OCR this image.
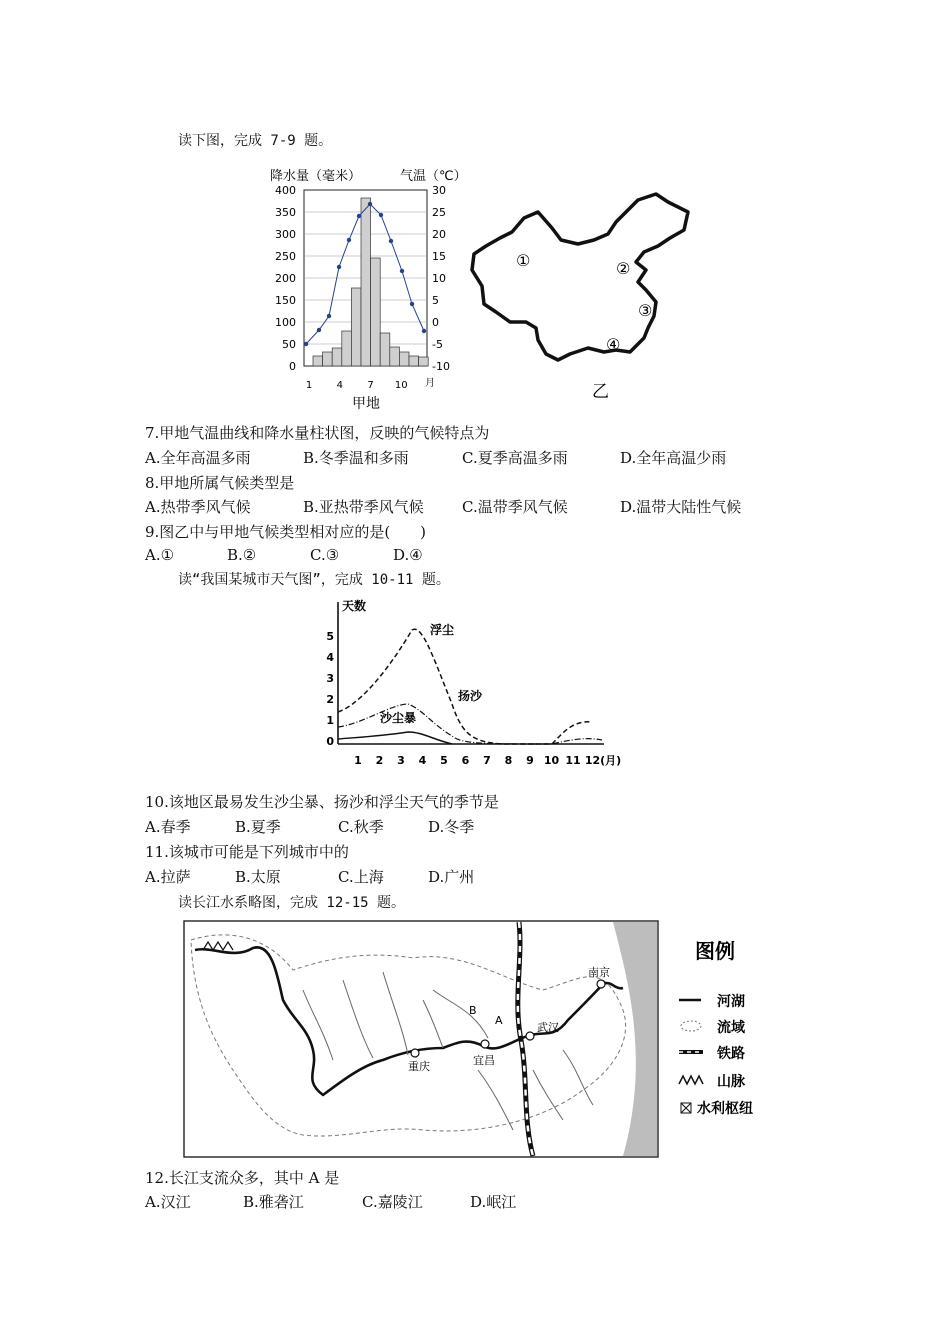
读下图，完成 7-9 题。
降水量（毫米）	气温（℃）
400
350
300
250
200
150
100
50
0
30
25
20
15
10
5
0
-5
-10
1 4 7 10 月
甲地
①	②
③
④
乙
7.甲地气温曲线和降水量柱状图，反映的气候特点为
A.全年高温多雨	B.冬季温和多雨	C.夏季高温多雨	D.全年高温少雨
8.甲地所属气候类型是
A.热带季风气候	B.亚热带季风气候	C.温带季风气候	D.温带大陆性气候
9.图乙中与甲地气候类型相对应的是(　　)
A.①	B.②	C.③	D.④
读“我国某城市天气图”，完成 10-11 题。
天数
5
4
3
2
1
0
1 2 3 4 5 6 7 8 9 10 11 12(月)
浮尘
扬沙
沙尘暴
10.该地区最易发生沙尘暴、扬沙和浮尘天气的季节是
A.春季	B.夏季	C.秋季	D.冬季
11.该城市可能是下列城市中的
A.拉萨	B.太原	C.上海	D.广州
读长江水系略图，完成 12-15 题。
南京
武汉
宜昌
重庆
A
B
图例
河湖
流域
铁路
山脉
水利枢纽
12.长江支流众多，其中 A 是
A.汉江	B.雅砻江	C.嘉陵江	D.岷江
